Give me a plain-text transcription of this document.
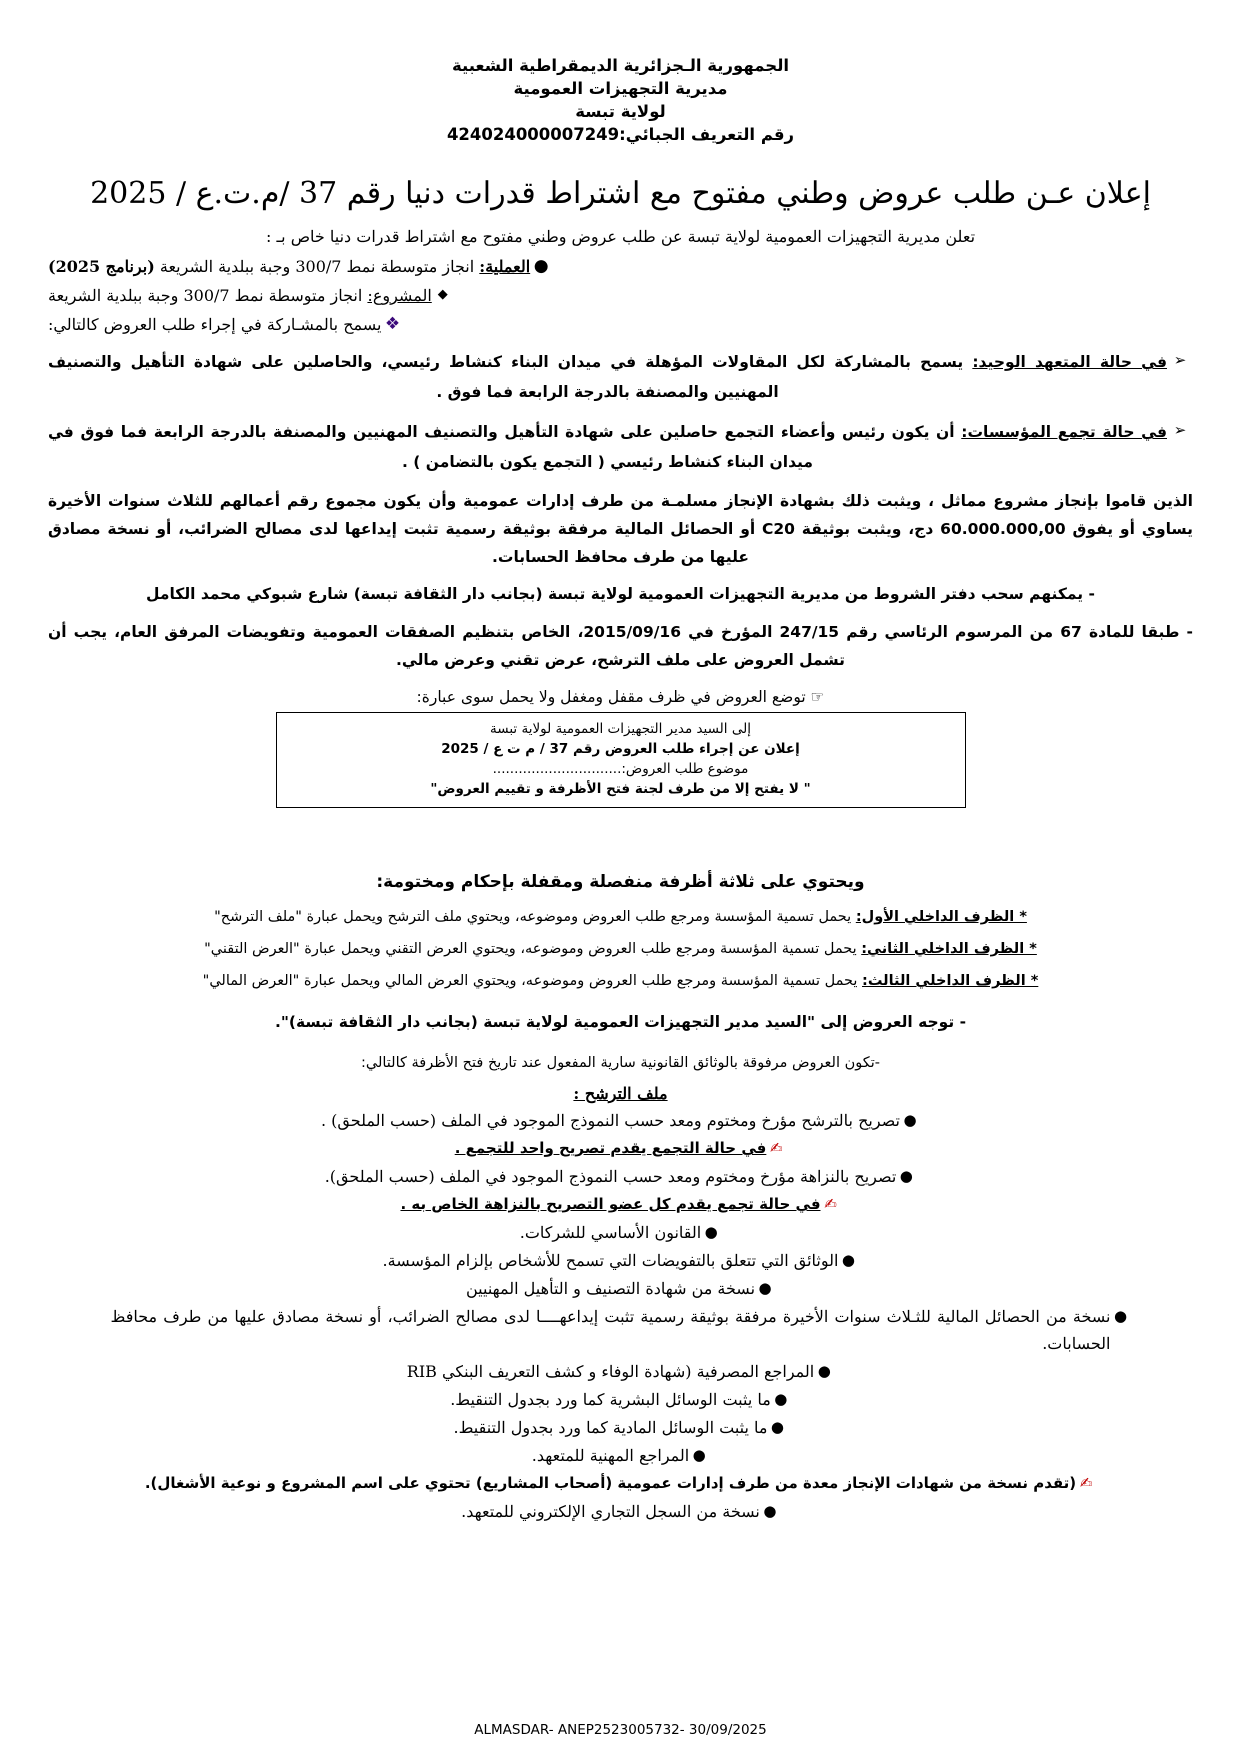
الجمهورية الـجزائرية الديمقراطية الشعبية
مديرية التجهيزات العمومية
لولاية تبسة
رقم التعريف الجبائي:424024000007249
إعلان عـن طلب عروض وطني مفتوح مع اشتراط قدرات دنيا رقم 37 /م.ت.ع / 2025
تعلن مديرية التجهيزات العمومية لولاية تبسة عن طلب عروض وطني مفتوح مع اشتراط قدرات دنيا خاص بـ :
●
العملية: انجاز متوسطة نمط 300/7 وجبة ببلدية الشريعة (برنامج 2025)
◆
المشروع: انجاز متوسطة نمط 300/7 وجبة ببلدية الشريعة
❖
يسمح بالمشـاركة في إجراء طلب العروض كالتالي:
➢
في حالة المتعهد الوحيد: يسمح بالمشاركة لكل المقاولات المؤهلة في ميدان البناء كنشاط رئيسي، والحاصلين على شهادة التأهيل والتصنيف المهنيين والمصنفة بالدرجة الرابعة فما فوق .
➢
في حالة تجمع المؤسسات: أن يكون رئيس وأعضاء التجمع حاصلين على شهادة التأهيل والتصنيف المهنيين والمصنفة بالدرجة الرابعة فما فوق في ميدان البناء كنشاط رئيسي ( التجمع يكون بالتضامن ) .
الذين قاموا بإنجاز مشروع مماثل ، ويثبت ذلك بشهادة الإنجاز مسلمـة من طرف إدارات عمومية وأن يكون مجموع رقم أعمالهم للثلاث سنوات الأخيرة يساوي أو يفوق 60.000.000,00 دج، ويثبت بوثيقة C20 أو الحصائل المالية مرفقة بوثيقة رسمية تثبت إيداعها لدى مصالح الضرائب، أو نسخة مصادق عليها من طرف محافظ الحسابات.
- يمكنهم سحب دفتر الشروط من مديرية التجهيزات العمومية لولاية تبسة (بجانب دار الثقافة تبسة) شارع شبوكي محمد الكامل
- طبقا للمادة 67 من المرسوم الرئاسي رقم 247/15 المؤرخ في 2015/09/16، الخاص بتنظيم الصفقات العمومية وتفويضات المرفق العام، يجب أن تشمل العروض على ملف الترشح، عرض تقني وعرض مالي.
☞ توضع العروض في ظرف مقفل ومغفل ولا يحمل سوى عبارة:
إلى السيد مدير التجهيزات العمومية لولاية تبسة
إعلان عن إجراء طلب العروض رقم 37 / م ت ع / 2025
موضوع طلب العروض:..............................
" لا يفتح إلا من طرف لجنة فتح الأظرفة و تقييم العروض"
ويحتوي على ثلاثة أظرفة منفصلة ومقفلة بإحكام ومختومة:
* الظرف الداخلي الأول: يحمل تسمية المؤسسة ومرجع طلب العروض وموضوعه، ويحتوي ملف الترشح ويحمل عبارة "ملف الترشح"
* الظرف الداخلي الثاني: يحمل تسمية المؤسسة ومرجع طلب العروض وموضوعه، ويحتوي العرض التقني ويحمل عبارة "العرض التقني"
* الظرف الداخلي الثالث: يحمل تسمية المؤسسة ومرجع طلب العروض وموضوعه، ويحتوي العرض المالي ويحمل عبارة "العرض المالي"
- توجه العروض إلى "السيد مدير التجهيزات العمومية لولاية تبسة (بجانب دار الثقافة تبسة)".
-تكون العروض مرفوقة بالوثائق القانونية سارية المفعول عند تاريخ فتح الأظرفة كالتالي:
ملف الترشح :
●
تصريح بالترشح مؤرخ ومختوم ومعد حسب النموذج الموجود في الملف (حسب الملحق) .
✍
في حالة التجمع يقدم تصريح واحد للتجمع .
●
تصريح بالنزاهة مؤرخ ومختوم ومعد حسب النموذج الموجود في الملف (حسب الملحق).
✍
في حالة تجمع يقدم كل عضو التصريح بالنزاهة الخاص به .
●
القانون الأساسي للشركات.
●
الوثائق التي تتعلق بالتفويضات التي تسمح للأشخاص بإلزام المؤسسة.
●
نسخة من شهادة التصنيف و التأهيل المهنيين
●
نسخة من الحصائل المالية للثـلاث سنوات الأخيرة مرفقة بوثيقة رسمية تثبت إيداعهــــا لدى مصالح الضرائب، أو نسخة مصادق عليها من طرف محافظ الحسابات.
●
المراجع المصرفية (شهادة الوفاء و كشف التعريف البنكي RIB
●
ما يثبت الوسائل البشرية كما ورد بجدول التنقيط.
●
ما يثبت الوسائل المادية كما ورد بجدول التنقيط.
●
المراجع المهنية للمتعهد.
✍
(تقدم نسخة من شهادات الإنجاز معدة من طرف إدارات عمومية (أصحاب المشاريع) تحتوي على اسم المشروع و نوعية الأشغال).
●
نسخة من السجل التجاري الإلكتروني للمتعهد.
ALMASDAR- ANEP2523005732- 30/09/2025
